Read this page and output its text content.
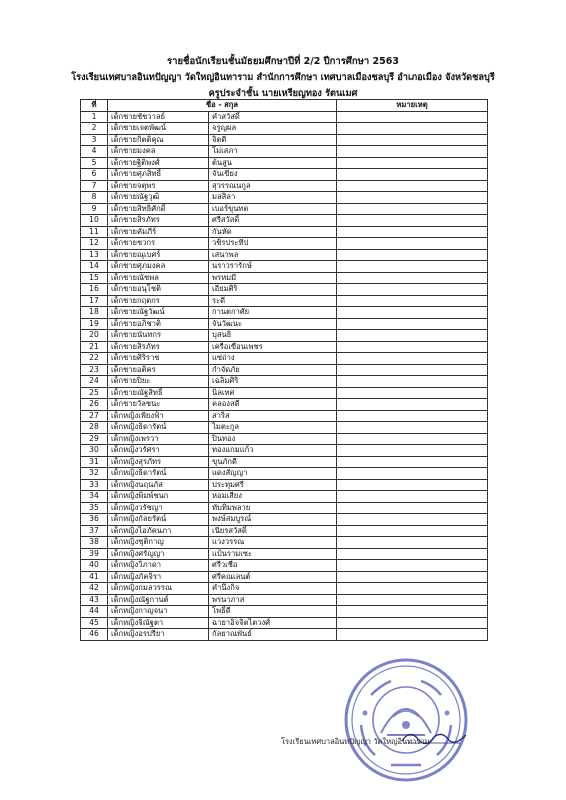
รายชื่อนักเรียนชั้นมัธยมศึกษาปีที่ 2/2 ปีการศึกษา 2563
โรงเรียนเทศบาลอินทปัญญา วัดใหญ่อินทาราม สำนักการศึกษา เทศบาลเมืองชลบุรี อำเภอเมือง จังหวัดชลบุรี
ครูประจำชั้น นายเหรียญทอง รัตนเมศ
ที่	ชื่อ - สกุล		หมายเหตุ
1	เด็กชายชัชวาลย์	คำสวัสดิ์	
2	เด็กชายเจตพัฒน์	จรูญผล	
3	เด็กชายกิตติคุณ	จิตดี	
4	เด็กชายมงคล	โม่เสภา	
5	เด็กชายฐิติพงศ์	ต้นสูน	
6	เด็กชายศุภสิทธิ์	จันเขียง	
7	เด็กชายจตุพร	สุวรรณนกูล	
8	เด็กชายณัฐวุฒิ	มลสิลา	
9	เด็กชายสิทธิศักดิ์	เบอร์ขุนทด	
10	เด็กชายสิรภัทร	ศรีสวัสดิ์	
11	เด็กชายคัมภีร์	กันหัด	
12	เด็กชายชวกร	วชิรประทีป	
13	เด็กชายณุเบศร์	เสนาพล	
14	เด็กชายศุภมงคล	นราวรารักษ์	
15	เด็กชายณัชพล	พรหมมี	
16	เด็กชายอนุโชติ	เอี่ยมศิริ	
17	เด็กชายกฤตกร	ระดี	
18	เด็กชายณัฐวัฒน์	กานตกาศัย	
19	เด็กชายอภิชาติ	จันวัฒนะ	
20	เด็กชายนันทกร	บุสนธิ	
21	เด็กชายสิรภัทร	เครือเขื่อนเพชร	
22	เด็กชายศิริราช	แซ่ถ่าง	
23	เด็กชายอติคร	กำจัดภัย	
24	เด็กชายปิยะ	เฉลิมศิริ	
25	เด็กชายณัฐสิทธิ์	นิลเทศ	
26	เด็กชายวัลชนะ	คลองสดี	
27	เด็กหญิงเพียงฟ้า	สาริส	
28	เด็กหญิงธิดารัตน์	ไมตะกูล	
29	เด็กหญิงเพรวา	ปิ่นทอง	
30	เด็กหญิงวรัศรา	ทองแกมแก้ว	
31	เด็กหญิงสุรภัทร	ขุนภักดี	
32	เด็กหญิงธิดารัตน์	แดงสัญญา	
33	เด็กหญิงนฤนภัส	ประทุมศรี	
34	เด็กหญิงพิมพ์ชนก	หอมเสียง	
35	เด็กหญิงวรัชญา	ทับทิมพลาย	
36	เด็กหญิงกัลยรัตน์	พงษ์สมบูรณ์	
37	เด็กหญิงไอภัคนภา	เนียรสวัสดิ์	
38	เด็กหญิงชุติกาญ	แวงวรรณ	
39	เด็กหญิงศรัญญา	แป้นรามเซะ	
40	เด็กหญิงวิภาดา	ศรีวเชือ	
41	เด็กหญิงภัคจิรา	ศรีคณเลนต์	
42	เด็กหญิงกมลวรรณ	คำนึงกิจ	
43	เด็กหญิงณัฐกานต์	พรนาภาส	
44	เด็กหญิงกาญจนา	โพธิ์ดี	
45	เด็กหญิงจิณัฐตา	ฉายาอิจจิตไตวงศ์	
46	เด็กหญิงอรปรียา	กัลยาณพันธ์	
โรงเรียนเทศบาลอินทปัญญา วัดใหญ่อินทาราม
